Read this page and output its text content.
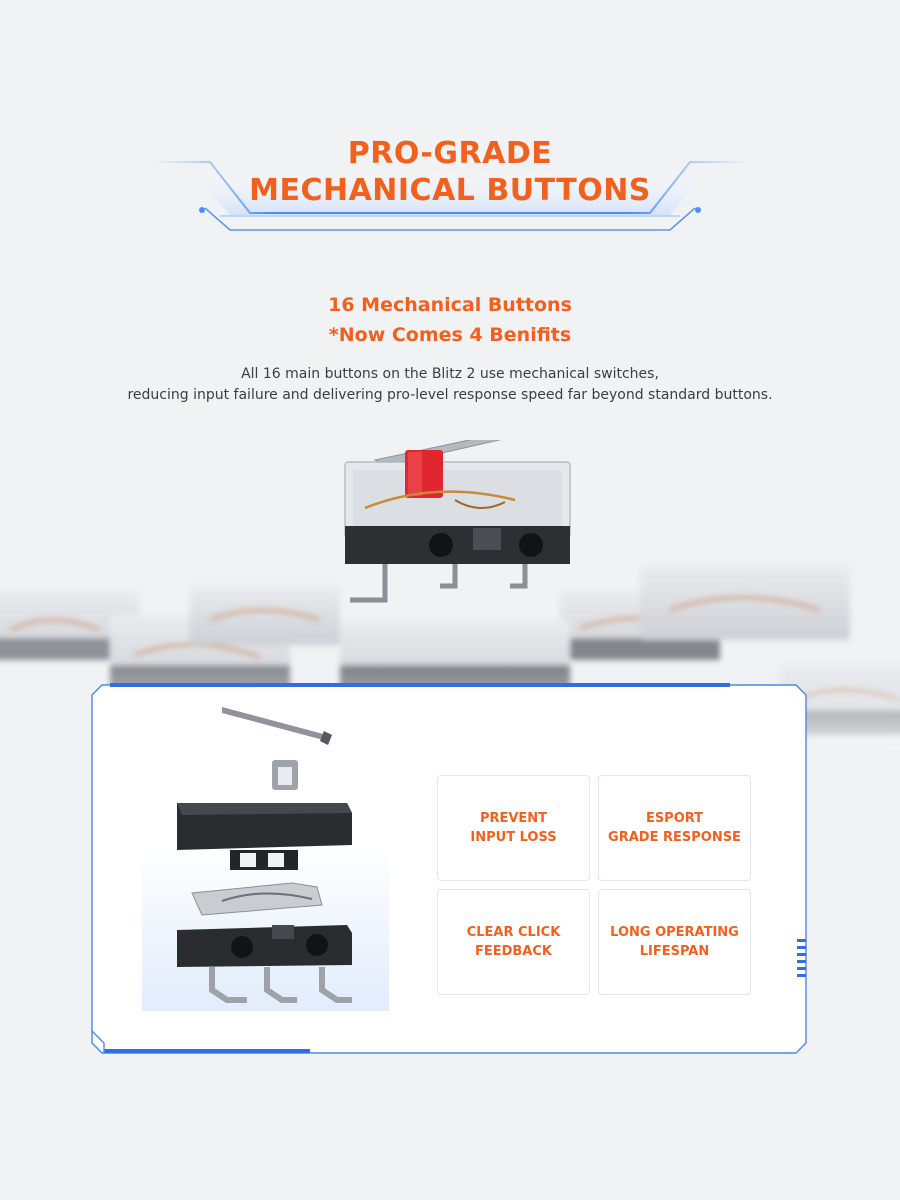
PRO-GRADE
MECHANICAL BUTTONS
16 Mechanical Buttons
*Now Comes 4 Benifits
All 16 main buttons on the Blitz 2 use mechanical switches,
reducing input failure and delivering pro-level response speed far beyond standard buttons.
PREVENT
INPUT LOSS
ESPORT
GRADE RESPONSE
CLEAR CLICK
FEEDBACK
LONG OPERATING
LIFESPAN
